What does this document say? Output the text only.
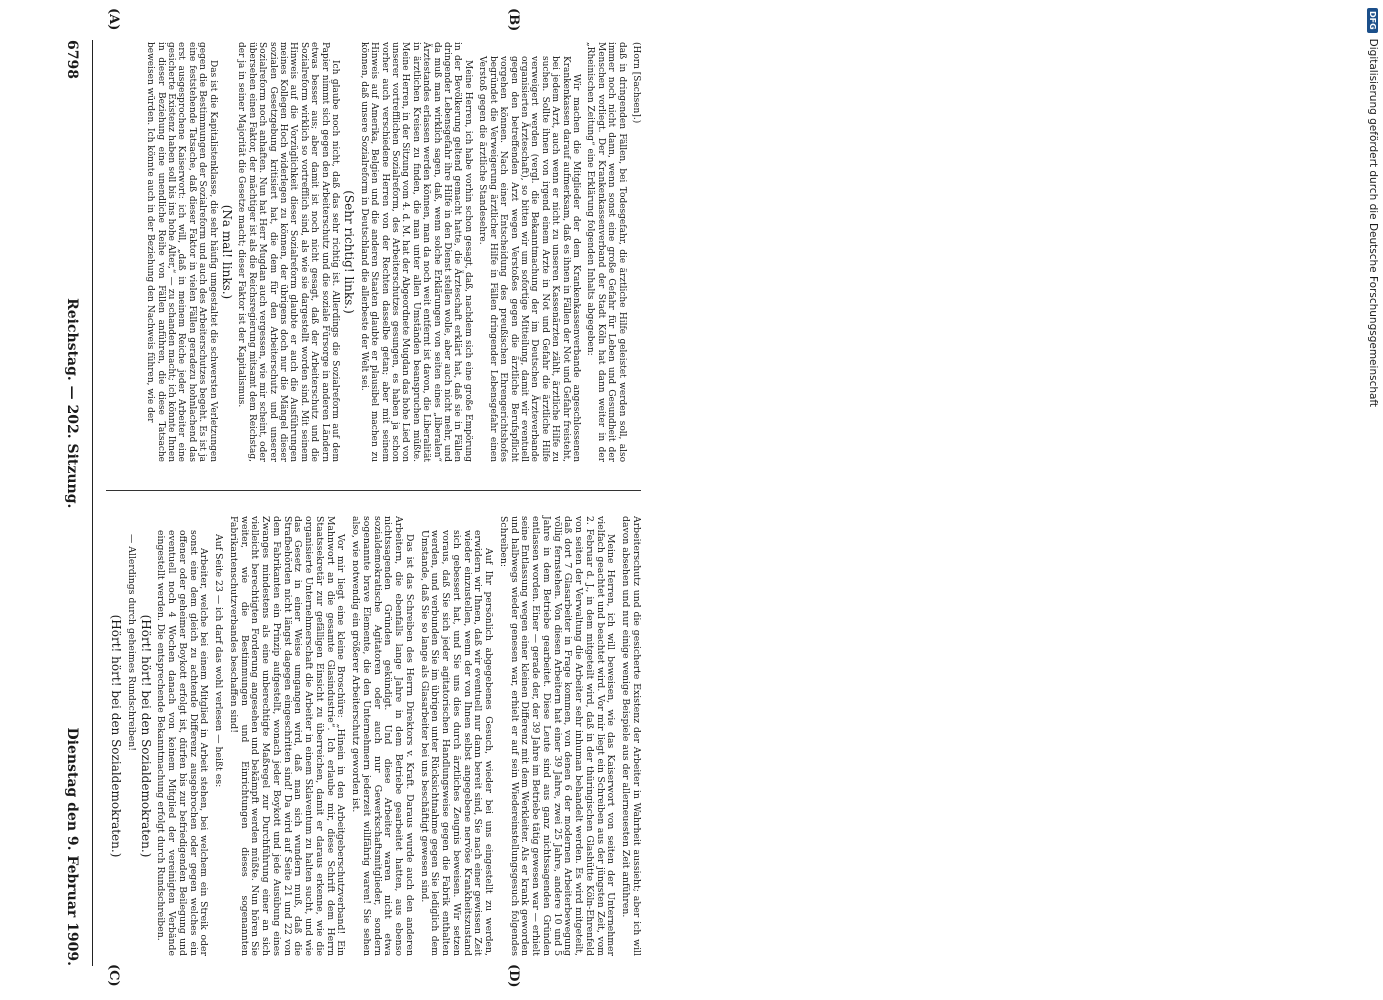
6798
Reichstag. — 202. Sitzung.
Dienstag den 9. Februar 1909.
(A)	(B)
(C)	(D)

(Horn [Sachsen].)

daß in dringenden Fällen, bei Todesgefahr, die ärztliche Hilfe geleistet werden soll, also immer noch nicht dann, wenn sonst eine große Gefahr für Leben und Gesundheit der Menschen vorliegt. Der Krankenkassenverband der Stadt Köln hat dann weiter in der „Rheinischen Zeitung“ eine Erklärung folgenden Inhalts abgegeben:

Wir machen die Mitglieder der dem Krankenkassenverbande angeschlossenen Krankenkassen darauf aufmerksam, daß es ihnen in Fällen der Not und Gefahr freisteht, bei jedem Arzt, auch wenn er nicht zu unseren Kassenärzten zählt, ärztliche Hilfe zu suchen. Sollte ihnen von irgend einem Arzte in Not und Gefahr die ärztliche Hilfe verweigert werden (vergl. die Bekanntmachung der im Deutschen Ärzteverbande organisierten Ärzteschaft), so bitten wir um sofortige Mitteilung, damit wir eventuell gegen den betreffenden Arzt wegen Verstoßes gegen die ärztliche Berufspflicht vorgehen können. Nach einer Entscheidung des preußischen Ehrengerichtshofes begründet die Verweigerung ärztlicher Hilfe in Fällen dringender Lebensgefahr einen Verstoß gegen die ärztliche Standesehre.

Meine Herren, ich habe vorhin schon gesagt, daß, nachdem sich eine große Empörung in der Bevölkerung geltend gemacht hatte, die Ärzteschaft erklärt hat, daß sie in Fällen dringender Lebensgefahr ihre Hilfe in den Dienst stellen wolle, aber auch nicht mehr, und da muß man wirklich sagen, daß, wenn solche Erklärungen von seiten eines „liberalen“ Ärztestandes erlassen werden können, man da noch weit entfernt ist davon, die Liberalität in ärztlichen Kreisen zu finden, die man unter allen Umständen beanspruchen müßte. Meine Herren, in der Sitzung vom 4. d. M. hat der Abgeordnete Mugdan das hohe Lied von unserer vortrefflichen Sozialreform, des Arbeiterschutzes gesungen, es haben ja schon vorher auch verschiedene Herren von der Rechten dasselbe getan; aber mit seinem Hinweis auf Amerika, Belgien und die anderen Staaten glaubte er plausibel machen zu können, daß unsere Sozialreform in Deutschland die allerbeste der Welt sei.

(Sehr richtig! links.)

Ich glaube noch nicht, daß das sehr richtig ist. Allerdings die Sozialreform auf dem Papier nimmt sich gegen den Arbeiterschutz und die soziale Fürsorge in anderen Ländern etwas besser aus; aber damit ist noch nicht gesagt, daß der Arbeiterschutz und die Sozialreform wirklich so vortrefflich sind, als wie sie dargestellt worden sind. Mit seinem Hinweis auf die Vorzüglichkeit dieser Sozialreform glaubte er auch die Ausführungen meines Kollegen Hoch widerlegen zu können, der übrigens doch nur die Mängel dieser sozialen Gesetzgebung kritisiert hat, die dem für den Arbeiterschutz und unserer Sozialreform noch anhaften. Nun hat Herr Mugdan auch vergessen, wie mir scheint, oder übersehen einen Faktor, der mächtiger ist als die Reichsregierung mitsamt dem Reichstag, der ja in seiner Majorität die Gesetze macht; dieser Faktor ist der Kapitalismus.

(Na mal! links.)

Das ist die Kapitalistenklasse, die sehr häufig umgestaltet die schwersten Verletzungen gegen die Bestimmungen der Sozialreform und auch des Arbeiterschutzes begeht. Es ist ja eine feststehende Tatsache, daß dieser Faktor in vielen Fällen geradezu hohnlachend das erst ausgesprochene Kaiserwort: ich will, „daß in meinem Reiche jeder Arbeiter eine gesicherte Existenz haben soll bis ins hohe Alter,“ — zu schanden macht; ich könnte Ihnen in dieser Beziehung eine unendliche Reihe von Fällen anführen, die diese Tatsache beweisen würden. Ich könnte auch in der Beziehung den Nachweis führen, wie der

Arbeiterschutz und die gesicherte Existenz der Arbeiter in Wahrheit aussieht; aber ich will davon absehen und nur einige wenige Beispiele aus der allerneuesten Zeit anführen.

Meine Herren, ich will beweisen, wie das Kaiserwort von seiten der Unternehmer vielfach geachtet und beachtet wird. Vor mir liegt ein Schreiben aus der jüngsten Zeit, vom 2. Februar d. J., in dem mitgeteilt wird, daß in der thüringischen Glashütte Köln-Ehrenfeld von seiten der Verwaltung die Arbeiter sehr inhuman behandelt werden. Es wird mitgeteilt, daß dort 7 Glasarbeiter in Frage kommen, von denen 6 der modernen Arbeiterbewegung völlig fernstehen. Von diesen Arbeitern hat einer 39 Jahre, zwei 25 Jahre, andere 10 und 5 Jahre in dem Betriebe gearbeitet. Diese Leute sind aus ganz nichtssagenden Gründen entlassen worden. Einer — gerade der, der 39 Jahre im Betriebe tätig gewesen war — erhielt seine Entlassung wegen einer kleinen Differenz mit dem Werkleiter. Als er krank geworden und halbwegs wieder genesen war, erhielt er auf sein Wiedereinstellungsgesuch folgendes Schreiben:

Auf Ihr persönlich abgegebenes Gesuch, wieder bei uns eingestellt zu werden, erwidern wir Ihnen, daß wir eventuell nur dann bereit sind, Sie nach einer gewissen Zeit wieder einzustellen, wenn der von Ihnen selbst angegebene nervöse Krankheitszustand sich gebessert hat, und Sie uns dies durch ärztliches Zeugnis beweisen. Wir setzen voraus, daß Sie sich jeder agitatorischen Handlungsweise gegen die Fabrik enthalten werden, und verbunden Sie im übrigen unter Rücksichtnahme gegen Sie lediglich dem Umstande, daß Sie so lange als Glasarbeiter bei uns beschäftigt gewesen sind.

Das ist das Schreiben des Herrn Direktors v. Kraft. Daraus wurde auch den anderen Arbeitern, die ebenfalls lange Jahre in dem Betriebe gearbeitet hatten, aus ebenso nichtssagenden Gründen gekündigt. Und diese Arbeiter waren nicht etwa sozialdemokratische Agitatoren oder auch nur Gewerkschaftsmitglieder, sondern sogenannte brave Elemente, die den Unternehmern jederzeit willfährig waren! Sie sehen also, wie notwendig ein größerer Arbeiterschutz geworden ist.

Vor mir liegt eine kleine Broschüre: „Hinein in den Arbeitgeberschutzverband! Ein Mahnwort an die gesamte Glasindustrie“. Ich erlaube mir, diese Schrift dem Herrn Staatssekretär zur gefälligen Einsicht zu überreichen, damit er daraus erkenne, wie die organisierte Unternehmerschaft die Arbeiter in einem Sklaventum zu halten sucht, und wie das Gesetz in einer Weise umgangen wird, daß man sich wundern muß, daß die Strafbehörden nicht längst dagegen eingeschritten sind! Da wird auf Seite 21 und 22 von dem Fabrikanten ein Prinzip aufgestellt, wonach jeder Boykott und jede Ausübung eines Zwanges mindestens als eine unberechtigte Maßregel zur Durchführung einer an sich vielleicht berechtigten Forderung angesehen und bekämpft werden müßte. Nun hören Sie weiter, wie die Bestimmungen und Einrichtungen dieses sogenannten Fabrikantenschutzverbandes beschaffen sind!

Auf Seite 23 — ich darf das wohl verlesen — heißt es:

Arbeiter, welche bei einem Mitglied in Arbeit stehen, bei welchem ein Streik oder sonst eine dem gleich zu achtende Differenz ausgebrochen oder gegen welches ein offener oder geheimer Boykott erfolgt ist, dürfen bis zur befriedigenden Beilegung und eventuell noch 4 Wochen danach von keinem Mitglied der vereinigten Verbände eingestellt werden. Die entsprechende Bekanntmachung erfolgt durch Rundschreiben.

(Hört! hört! bei den Sozialdemokraten.)

— Allerdings durch geheimes Rundschreiben!

(Hört! hört! bei den Sozialdemokraten.)

DFG
Digitalisierung gefördert durch die Deutsche Forschungsgemeinschaft
